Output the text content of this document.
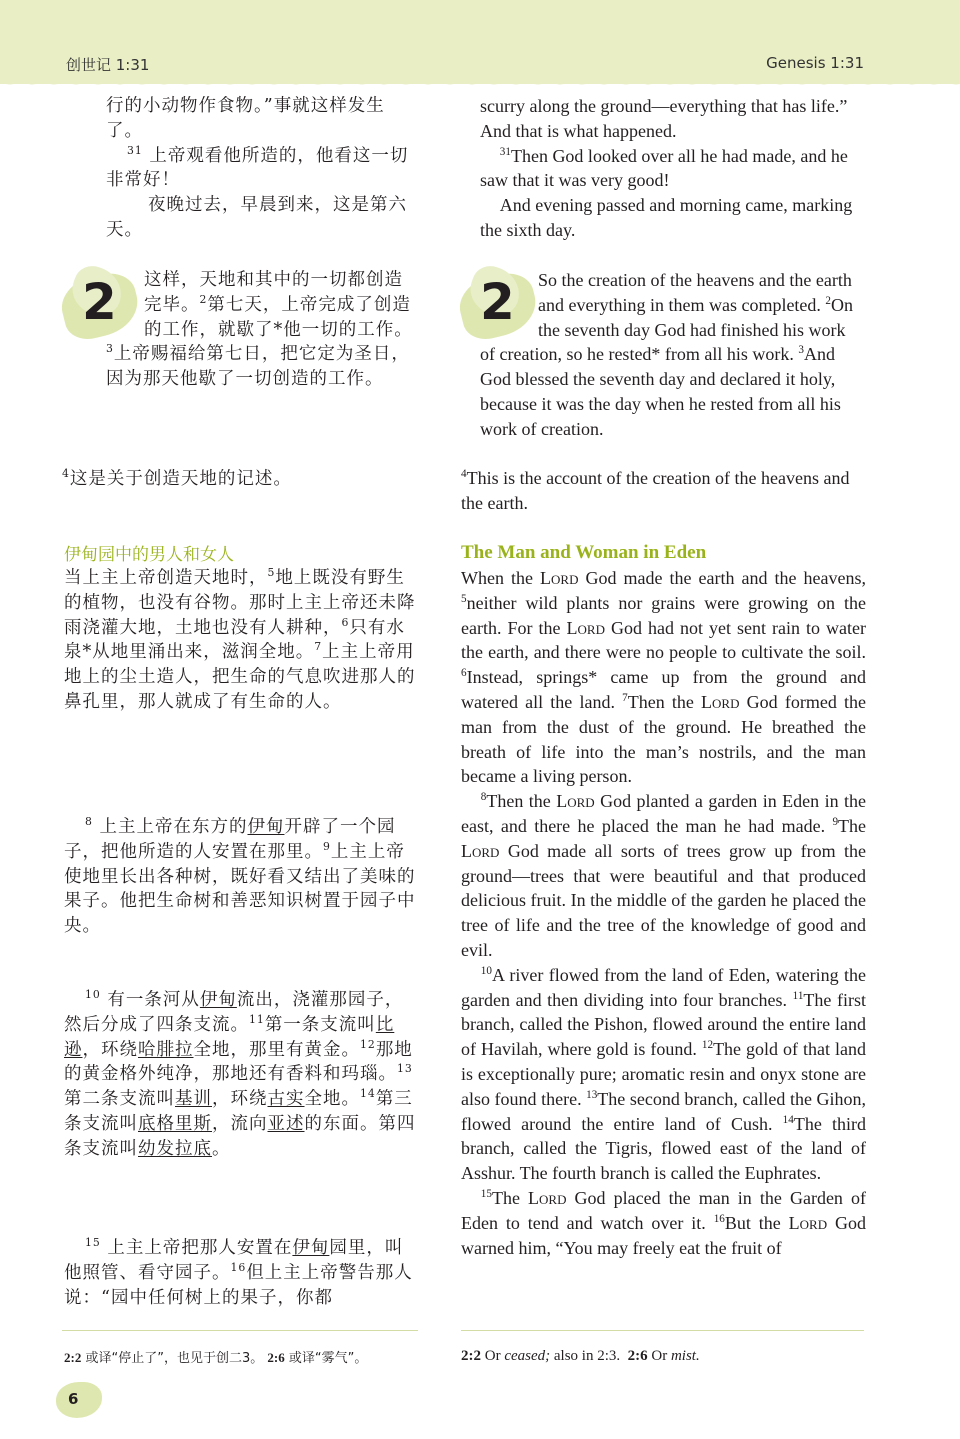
创世记 1:31	Genesis 1:31

行的小动物作食物。”事就这样发生了。

$^{31}$ 上帝观看他所造的，他看这一切非常好！

夜晚过去，早晨到来，这是第六天。

2	这样，天地和其中的一切都创造完毕。$^2$第七天，上帝完成了创造的工作，就歇了*他一切的工作。$^3$上帝赐福给第七日，把它定为圣日，因为那天他歇了一切创造的工作。
$^4$这是关于创造天地的记述。
伊甸园中的男人和女人
当上主上帝创造天地时，$^5$地上既没有野生的植物，也没有谷物。那时上主上帝还未降雨浇灌大地，土地也没有人耕种，$^6$只有水泉*从地里涌出来，滋润全地。$^7$上主上帝用地上的尘土造人，把生命的气息吹进那人的鼻孔里，那人就成了有生命的人。

$^8$ 上主上帝在东方的伊甸开辟了一个园子，把他所造的人安置在那里。$^9$上主上帝使地里长出各种树，既好看又结出了美味的果子。他把生命树和善恶知识树置于园子中央。

$^{10}$ 有一条河从伊甸流出，浇灌那园子，然后分成了四条支流。$^{11}$第一条支流叫比逊，环绕哈腓拉全地，那里有黄金。$^{12}$那地的黄金格外纯净，那地还有香料和玛瑙。$^{13}$第二条支流叫基训，环绕古实全地。$^{14}$第三条支流叫底格里斯，流向亚述的东面。第四条支流叫幼发拉底。

$^{15}$ 上主上帝把那人安置在伊甸园里，叫他照管、看守园子。$^{16}$但上主上帝警告那人说：“园中任何树上的果子，你都

scurry along the ground—everything that has life.” And that is what happened.

$^{31}$Then God looked over all he had made, and he saw that it was very good!

And evening passed and morning came, marking the sixth day.

2	So the creation of the heavens and the earth and everything in them was completed. $^2$On the seventh day God had finished his work of creation, so he rested* from all his work. $^3$And God blessed the seventh day and declared it holy, because it was the day when he rested from all his work of creation.
$^4$This is the account of the creation of the heavens and the earth.
The Man and Woman in Eden

When the Lord God made the earth and the heavens, $^5$neither wild plants nor grains were growing on the earth. For the Lord God had not yet sent rain to water the earth, and there were no people to cultivate the soil. $^6$Instead, springs* came up from the ground and watered all the land. $^7$Then the Lord God formed the man from the dust of the ground. He breathed the breath of life into the man’s nostrils, and the man became a living person.

$^8$Then the Lord God planted a garden in Eden in the east, and there he placed the man he had made. $^9$The Lord God made all sorts of trees grow up from the ground—trees that were beautiful and that produced delicious fruit. In the middle of the garden he placed the tree of life and the tree of the knowledge of good and evil.

$^{10}$A river flowed from the land of Eden, watering the garden and then dividing into four branches. $^{11}$The first branch, called the Pishon, flowed around the entire land of Havilah, where gold is found. $^{12}$The gold of that land is exceptionally pure; aromatic resin and onyx stone are also found there. $^{13}$The second branch, called the Gihon, flowed around the entire land of Cush. $^{14}$The third branch, called the Tigris, flowed east of the land of Asshur. The fourth branch is called the Euphrates.

$^{15}$The Lord God placed the man in the Garden of Eden to tend and watch over it. $^{16}$But the Lord God warned him, “You may freely eat the fruit of

2:2 或译“停止了”，也见于创二3。 2:6 或译“雾气”。	2:2 Or ceased; also in 2:3. 2:6 Or mist.
6
